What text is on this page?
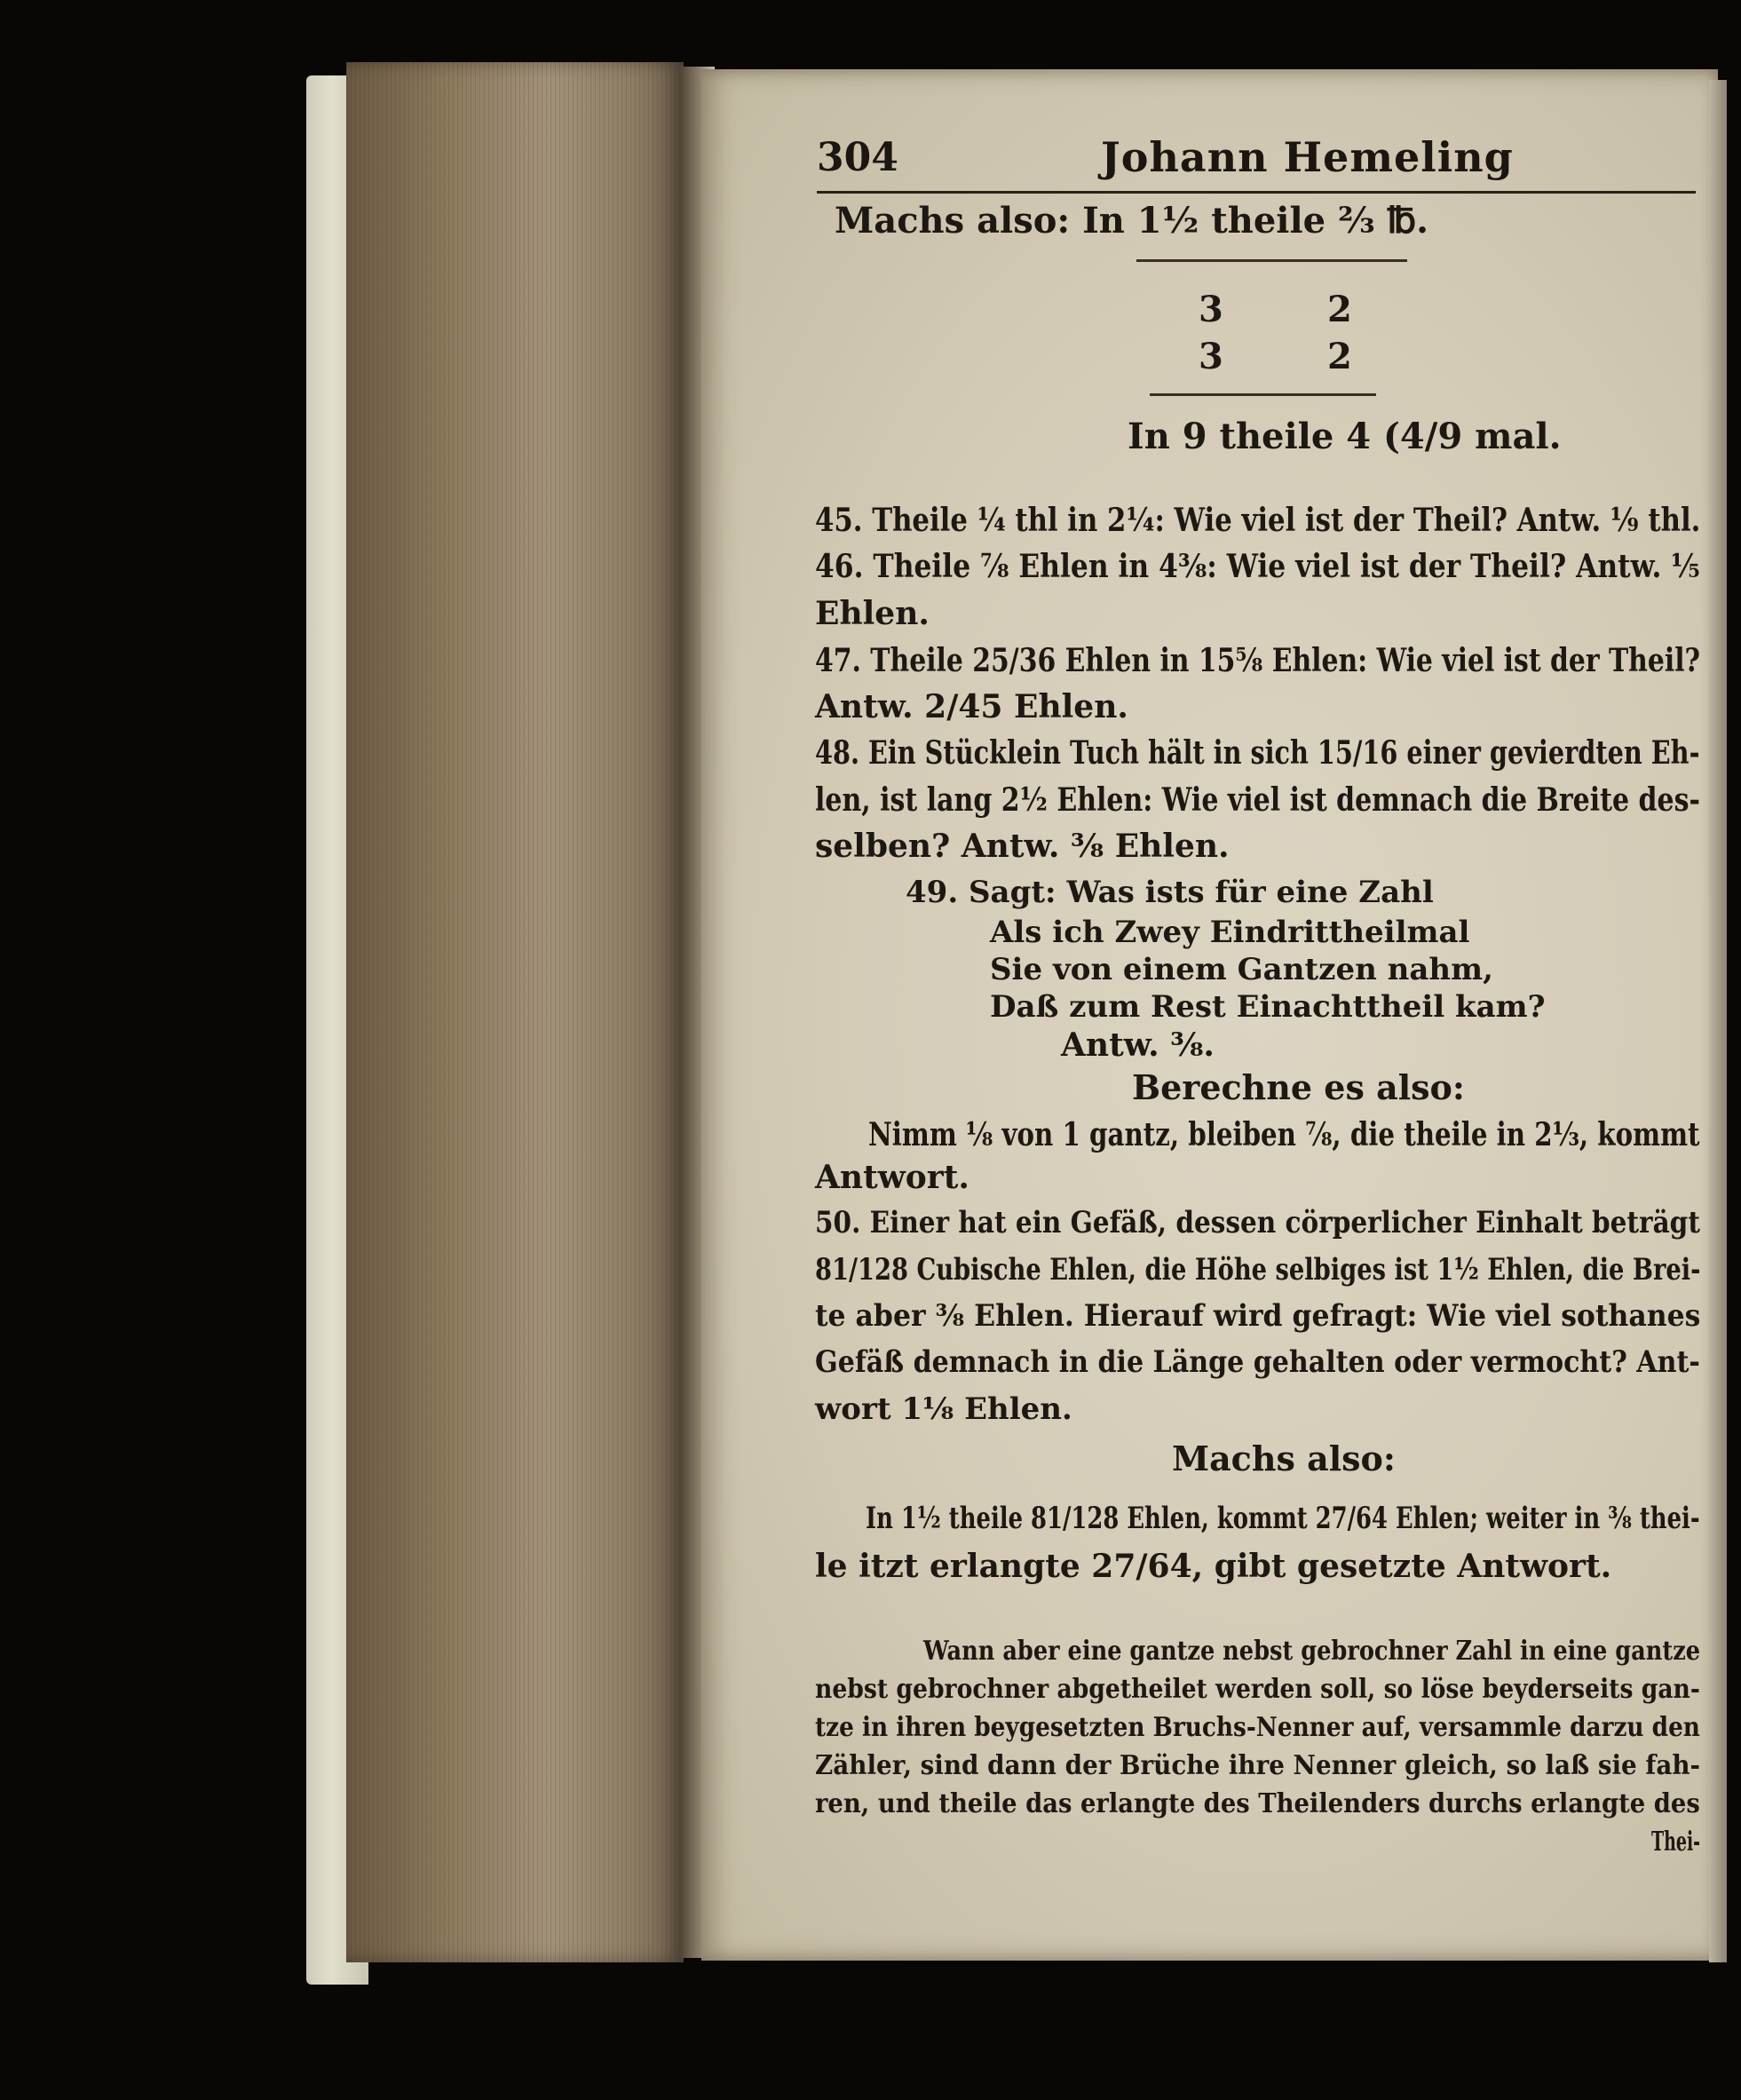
304	Johann Hemeling
Machs also: In 1½ theile ⅔ ℔.
3	2
3	2
In 9 theile 4 (4/9 mal.
45. Theile ¼ thl in 2¼: Wie viel ist der Theil? Antw. ⅑ thl.
46. Theile ⅞ Ehlen in 4⅜: Wie viel ist der Theil? Antw. ⅕
Ehlen.
47. Theile 25/36 Ehlen in 15⅝ Ehlen: Wie viel ist der Theil?
Antw. 2/45 Ehlen.
48. Ein Stücklein Tuch hält in sich 15/16 einer gevierdten Eh-
len, ist lang 2½ Ehlen: Wie viel ist demnach die Breite des-
selben? Antw. ⅜ Ehlen.
49. Sagt: Was ists für eine Zahl
Als ich Zwey Eindrittheilmal
Sie von einem Gantzen nahm,
Daß zum Rest Einachttheil kam?
Antw. ⅜.
Berechne es also:
Nimm ⅛ von 1 gantz, bleiben ⅞, die theile in 2⅓, kommt
Antwort.
50. Einer hat ein Gefäß, dessen cörperlicher Einhalt beträgt
81/128 Cubische Ehlen, die Höhe selbiges ist 1½ Ehlen, die Brei-
te aber ⅜ Ehlen. Hierauf wird gefragt: Wie viel sothanes
Gefäß demnach in die Länge gehalten oder vermocht? Ant-
wort 1⅛ Ehlen.
Machs also:
In 1½ theile 81/128 Ehlen, kommt 27/64 Ehlen; weiter in ⅜ thei-
le itzt erlangte 27/64, gibt gesetzte Antwort.
Wann aber eine gantze nebst gebrochner Zahl in eine gantze
nebst gebrochner abgetheilet werden soll, so löse beyderseits gan-
tze in ihren beygesetzten Bruchs-Nenner auf, versammle darzu den
Zähler, sind dann der Brüche ihre Nenner gleich, so laß sie fah-
ren, und theile das erlangte des Theilenders durchs erlangte des
Thei-
